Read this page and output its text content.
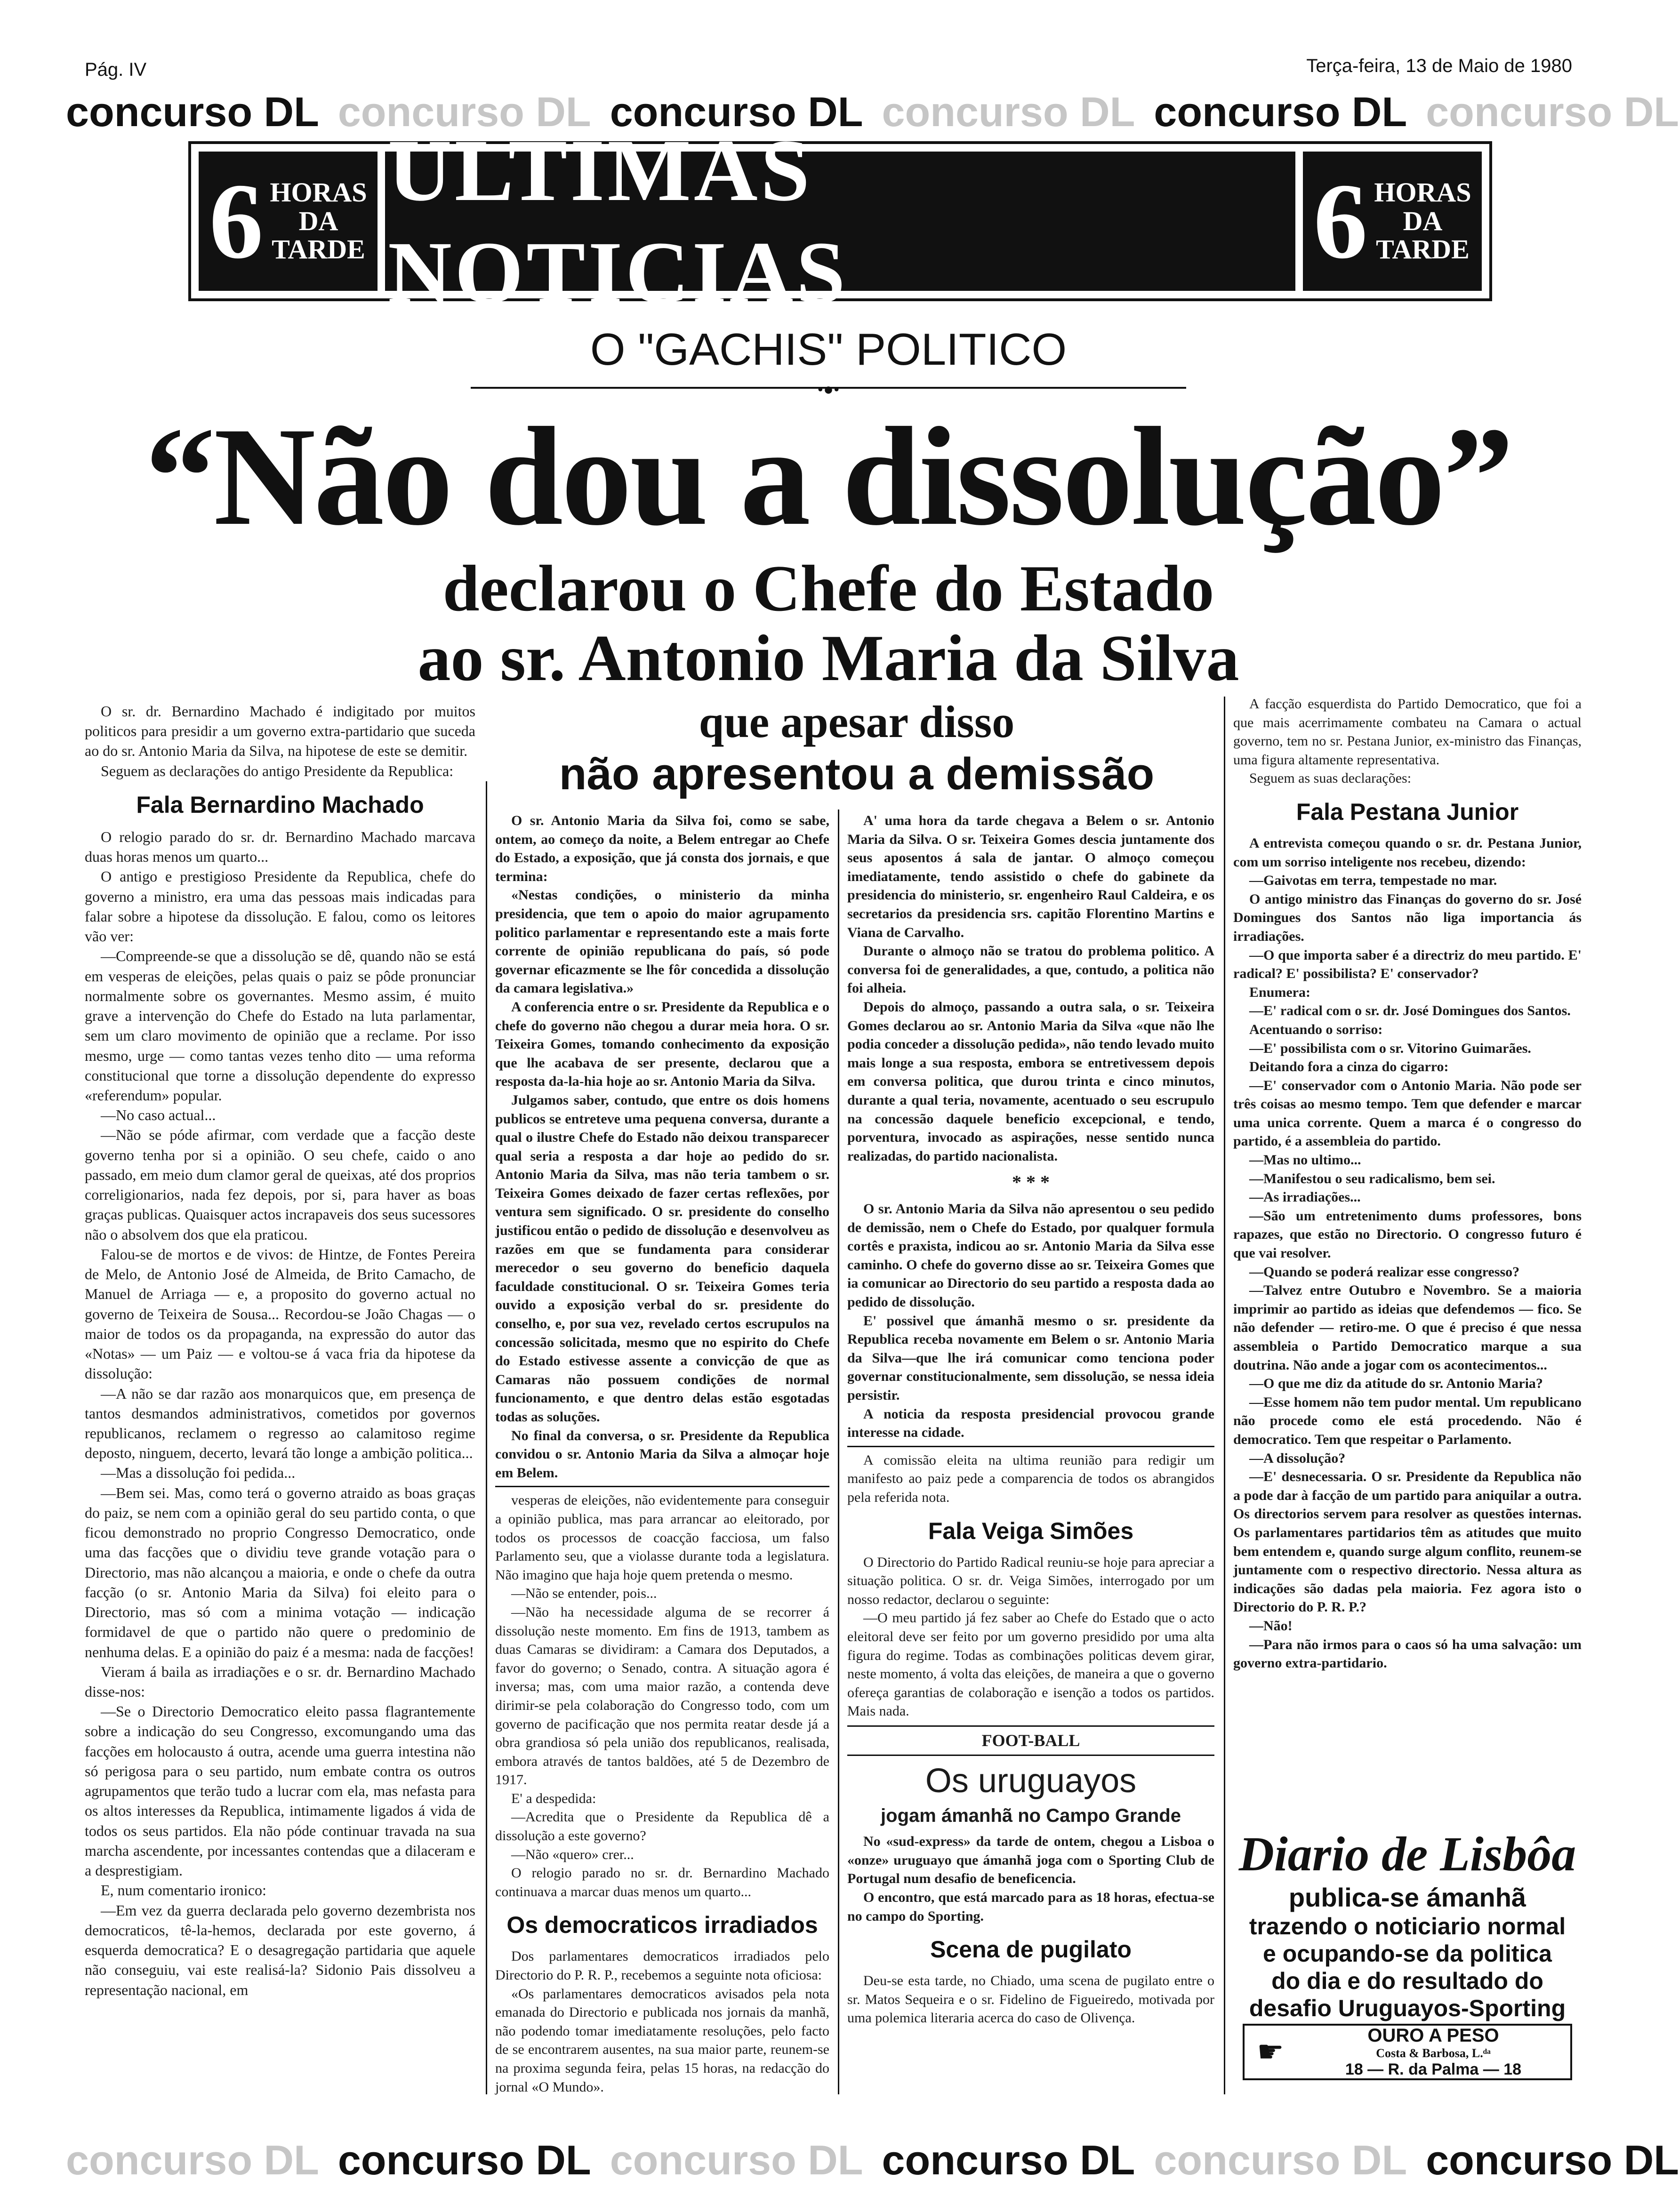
Pág. IV	Terça-feira, 13 de Maio de 1980
concurso DL concurso DL concurso DL concurso DL concurso DL concurso DL
6 HORAS
DA
TARDE
ULTIMAS NOTICIAS	6 HORAS
DA
TARDE
O "GACHIS" POLITICO
•●•
“Não dou a dissolução”
declarou o Chefe do Estado
ao sr. Antonio Maria da Silva

O sr. dr. Bernardino Machado é indigitado por muitos politicos para presidir a um governo extra-partidario que suceda ao do sr. Antonio Maria da Silva, na hipotese de este se demitir.

Seguem as declarações do antigo Presidente da Republica:

Fala Bernardino Machado

O relogio parado do sr. dr. Bernardino Machado marcava duas horas menos um quarto...

O antigo e prestigioso Presidente da Republica, chefe do governo a ministro, era uma das pessoas mais indicadas para falar sobre a hipotese da dissolução. E falou, como os leitores vão ver:

—Compreende-se que a dissolução se dê, quando não se está em vesperas de eleições, pelas quais o paiz se pôde pronunciar normalmente sobre os governantes. Mesmo assim, é muito grave a intervenção do Chefe do Estado na luta parlamentar, sem um claro movimento de opinião que a reclame. Por isso mesmo, urge — como tantas vezes tenho dito — uma reforma constitucional que torne a dissolução dependente do expresso «referendum» popular.

—No caso actual...

—Não se póde afirmar, com verdade que a facção deste governo tenha por si a opinião. O seu chefe, caido o ano passado, em meio dum clamor geral de queixas, até dos proprios correligionarios, nada fez depois, por si, para haver as boas graças publicas. Quaisquer actos incrapaveis dos seus sucessores não o absolvem dos que ela praticou.

Falou-se de mortos e de vivos: de Hintze, de Fontes Pereira de Melo, de Antonio José de Almeida, de Brito Camacho, de Manuel de Arriaga — e, a proposito do governo actual no governo de Teixeira de Sousa... Recordou-se João Chagas — o maior de todos os da propaganda, na expressão do autor das «Notas» — um Paiz — e voltou-se á vaca fria da hipotese da dissolução:

—A não se dar razão aos monarquicos que, em presença de tantos desmandos administrativos, cometidos por governos republicanos, reclamem o regresso ao calamitoso regime deposto, ninguem, decerto, levará tão longe a ambição politica...

—Mas a dissolução foi pedida...

—Bem sei. Mas, como terá o governo atraido as boas graças do paiz, se nem com a opinião geral do seu partido conta, o que ficou demonstrado no proprio Congresso Democratico, onde uma das facções que o dividiu teve grande votação para o Directorio, mas não alcançou a maioria, e onde o chefe da outra facção (o sr. Antonio Maria da Silva) foi eleito para o Directorio, mas só com a minima votação — indicação formidavel de que o partido não quere o predominio de nenhuma delas. E a opinião do paiz é a mesma: nada de facções!

Vieram á baila as irradiações e o sr. dr. Bernardino Machado disse-nos:

—Se o Directorio Democratico eleito passa flagrantemente sobre a indicação do seu Congresso, excomungando uma das facções em holocausto á outra, acende uma guerra intestina não só perigosa para o seu partido, num embate contra os outros agrupamentos que terão tudo a lucrar com ela, mas nefasta para os altos interesses da Republica, intimamente ligados á vida de todos os seus partidos. Ela não póde continuar travada na sua marcha ascendente, por incessantes contendas que a dilaceram e a desprestigiam.

E, num comentario ironico:

—Em vez da guerra declarada pelo governo dezembrista nos democraticos, tê-la-hemos, declarada por este governo, á esquerda democratica? E o desagregação partidaria que aquele não conseguiu, vai este realisá-la? Sidonio Pais dissolveu a representação nacional, em

que apesar disso
não apresentou a demissão

O sr. Antonio Maria da Silva foi, como se sabe, ontem, ao começo da noite, a Belem entregar ao Chefe do Estado, a exposição, que já consta dos jornais, e que termina:

«Nestas condições, o ministerio da minha presidencia, que tem o apoio do maior agrupamento politico parlamentar e representando este a mais forte corrente de opinião republicana do país, só pode governar eficazmente se lhe fôr concedida a dissolução da camara legislativa.»

A conferencia entre o sr. Presidente da Republica e o chefe do governo não chegou a durar meia hora. O sr. Teixeira Gomes, tomando conhecimento da exposição que lhe acabava de ser presente, declarou que a resposta da-la-hia hoje ao sr. Antonio Maria da Silva.

Julgamos saber, contudo, que entre os dois homens publicos se entreteve uma pequena conversa, durante a qual o ilustre Chefe do Estado não deixou transparecer qual seria a resposta a dar hoje ao pedido do sr. Antonio Maria da Silva, mas não teria tambem o sr. Teixeira Gomes deixado de fazer certas reflexões, por ventura sem significado. O sr. presidente do conselho justificou então o pedido de dissolução e desenvolveu as razões em que se fundamenta para considerar merecedor o seu governo do beneficio daquela faculdade constitucional. O sr. Teixeira Gomes teria ouvido a exposição verbal do sr. presidente do conselho, e, por sua vez, revelado certos escrupulos na concessão solicitada, mesmo que no espirito do Chefe do Estado estivesse assente a convicção de que as Camaras não possuem condições de normal funcionamento, e que dentro delas estão esgotadas todas as soluções.

No final da conversa, o sr. Presidente da Republica convidou o sr. Antonio Maria da Silva a almoçar hoje em Belem.

vesperas de eleições, não evidentemente para conseguir a opinião publica, mas para arrancar ao eleitorado, por todos os processos de coacção facciosa, um falso Parlamento seu, que a violasse durante toda a legislatura. Não imagino que haja hoje quem pretenda o mesmo.

—Não se entender, pois...

—Não ha necessidade alguma de se recorrer á dissolução neste momento. Em fins de 1913, tambem as duas Camaras se dividiram: a Camara dos Deputados, a favor do governo; o Senado, contra. A situação agora é inversa; mas, com uma maior razão, a contenda deve dirimir-se pela colaboração do Congresso todo, com um governo de pacificação que nos permita reatar desde já a obra grandiosa só pela união dos republicanos, realisada, embora através de tantos baldões, até 5 de Dezembro de 1917.

E' a despedida:

—Acredita que o Presidente da Republica dê a dissolução a este governo?

—Não «quero» crer...

O relogio parado no sr. dr. Bernardino Machado continuava a marcar duas menos um quarto...

Os democraticos irradiados

Dos parlamentares democraticos irradiados pelo Directorio do P. R. P., recebemos a seguinte nota oficiosa:

«Os parlamentares democraticos avisados pela nota emanada do Directorio e publicada nos jornais da manhã, não podendo tomar imediatamente resoluções, pelo facto de se encontrarem ausentes, na sua maior parte, reunem-se na proxima segunda feira, pelas 15 horas, na redacção do jornal «O Mundo».

A' uma hora da tarde chegava a Belem o sr. Antonio Maria da Silva. O sr. Teixeira Gomes descia juntamente dos seus aposentos á sala de jantar. O almoço começou imediatamente, tendo assistido o chefe do gabinete da presidencia do ministerio, sr. engenheiro Raul Caldeira, e os secretarios da presidencia srs. capitão Florentino Martins e Viana de Carvalho.

Durante o almoço não se tratou do problema politico. A conversa foi de generalidades, a que, contudo, a politica não foi alheia.

Depois do almoço, passando a outra sala, o sr. Teixeira Gomes declarou ao sr. Antonio Maria da Silva «que não lhe podia conceder a dissolução pedida», não tendo levado muito mais longe a sua resposta, embora se entretivessem depois em conversa politica, que durou trinta e cinco minutos, durante a qual teria, novamente, acentuado o seu escrupulo na concessão daquele beneficio excepcional, e tendo, porventura, invocado as aspirações, nesse sentido nunca realizadas, do partido nacionalista.

* * *

O sr. Antonio Maria da Silva não apresentou o seu pedido de demissão, nem o Chefe do Estado, por qualquer formula cortês e praxista, indicou ao sr. Antonio Maria da Silva esse caminho. O chefe do governo disse ao sr. Teixeira Gomes que ia comunicar ao Directorio do seu partido a resposta dada ao pedido de dissolução.

E' possivel que ámanhã mesmo o sr. presidente da Republica receba novamente em Belem o sr. Antonio Maria da Silva—que lhe irá comunicar como tenciona poder governar constitucionalmente, sem dissolução, se nessa ideia persistir.

A noticia da resposta presidencial provocou grande interesse na cidade.

A comissão eleita na ultima reunião para redigir um manifesto ao paiz pede a comparencia de todos os abrangidos pela referida nota.

Fala Veiga Simões

O Directorio do Partido Radical reuniu-se hoje para apreciar a situação politica. O sr. dr. Veiga Simões, interrogado por um nosso redactor, declarou o seguinte:

—O meu partido já fez saber ao Chefe do Estado que o acto eleitoral deve ser feito por um governo presidido por uma alta figura do regime. Todas as combinações politicas devem girar, neste momento, á volta das eleições, de maneira a que o governo ofereça garantias de colaboração e isenção a todos os partidos. Mais nada.

FOOT-BALL
Os uruguayos
jogam ámanhã no Campo Grande

No «sud-express» da tarde de ontem, chegou a Lisboa o «onze» uruguayo que ámanhã joga com o Sporting Club de Portugal num desafio de beneficencia.

O encontro, que está marcado para as 18 horas, efectua-se no campo do Sporting.

Scena de pugilato

Deu-se esta tarde, no Chiado, uma scena de pugilato entre o sr. Matos Sequeira e o sr. Fidelino de Figueiredo, motivada por uma polemica literaria acerca do caso de Olivença.

A facção esquerdista do Partido Democratico, que foi a que mais acerrimamente combateu na Camara o actual governo, tem no sr. Pestana Junior, ex-ministro das Finanças, uma figura altamente representativa.

Seguem as suas declarações:

Fala Pestana Junior

A entrevista começou quando o sr. dr. Pestana Junior, com um sorriso inteligente nos recebeu, dizendo:

—Gaivotas em terra, tempestade no mar.

O antigo ministro das Finanças do governo do sr. José Domingues dos Santos não liga importancia ás irradiações.

—O que importa saber é a directriz do meu partido. E' radical? E' possibilista? E' conservador?

Enumera:

—E' radical com o sr. dr. José Domingues dos Santos.

Acentuando o sorriso:

—E' possibilista com o sr. Vitorino Guimarães.

Deitando fora a cinza do cigarro:

—E' conservador com o Antonio Maria. Não pode ser três coisas ao mesmo tempo. Tem que defender e marcar uma unica corrente. Quem a marca é o congresso do partido, é a assembleia do partido.

—Mas no ultimo...

—Manifestou o seu radicalismo, bem sei.

—As irradiações...

—São um entretenimento dums professores, bons rapazes, que estão no Directorio. O congresso futuro é que vai resolver.

—Quando se poderá realizar esse congresso?

—Talvez entre Outubro e Novembro. Se a maioria imprimir ao partido as ideias que defendemos — fico. Se não defender — retiro-me. O que é preciso é que nessa assembleia o Partido Democratico marque a sua doutrina. Não ande a jogar com os acontecimentos...

—O que me diz da atitude do sr. Antonio Maria?

—Esse homem não tem pudor mental. Um republicano não procede como ele está procedendo. Não é democratico. Tem que respeitar o Parlamento.

—A dissolução?

—E' desnecessaria. O sr. Presidente da Republica não a pode dar à facção de um partido para aniquilar a outra. Os directorios servem para resolver as questões internas. Os parlamentares partidarios têm as atitudes que muito bem entendem e, quando surge algum conflito, reunem-se juntamente com o respectivo directorio. Nessa altura as indicações são dadas pela maioria. Fez agora isto o Directorio do P. R. P.?

—Não!

—Para não irmos para o caos só ha uma salvação: um governo extra-partidario.

Diario de Lisbôa
publica-se ámanhã
trazendo o noticiario normal
e ocupando-se da politica
do dia e do resultado do
desafio Uruguayos-Sporting
☛	OURO A PESO
Costa & Barbosa, L.ᵈᵃ
18 — R. da Palma — 18
concurso DL concurso DL concurso DL concurso DL concurso DL concurso DL
